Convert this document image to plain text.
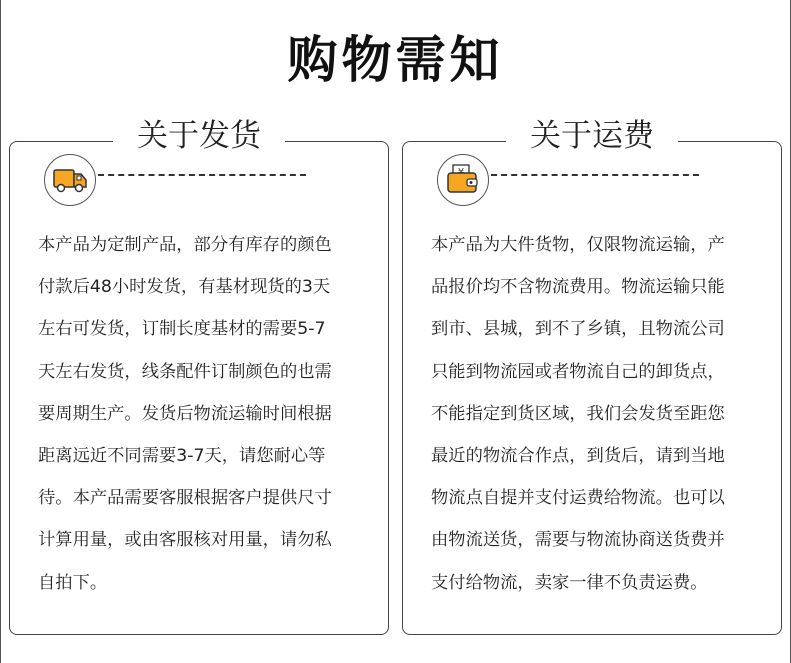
购物需知
关于发货
本产品为定制产品，部分有库存的颜色
付款后48小时发货，有基材现货的3天
左右可发货，订制长度基材的需要5-7
天左右发货，线条配件订制颜色的也需
要周期生产。发货后物流运输时间根据
距离远近不同需要3-7天，请您耐心等
待。本产品需要客服根据客户提供尺寸
计算用量，或由客服核对用量，请勿私
自拍下。
关于运费
本产品为大件货物，仅限物流运输，产
品报价均不含物流费用。物流运输只能
到市、县城，到不了乡镇，且物流公司
只能到物流园或者物流自己的卸货点，
不能指定到货区域，我们会发货至距您
最近的物流合作点，到货后，请到当地
物流点自提并支付运费给物流。也可以
由物流送货，需要与物流协商送货费并
支付给物流，卖家一律不负责运费。
